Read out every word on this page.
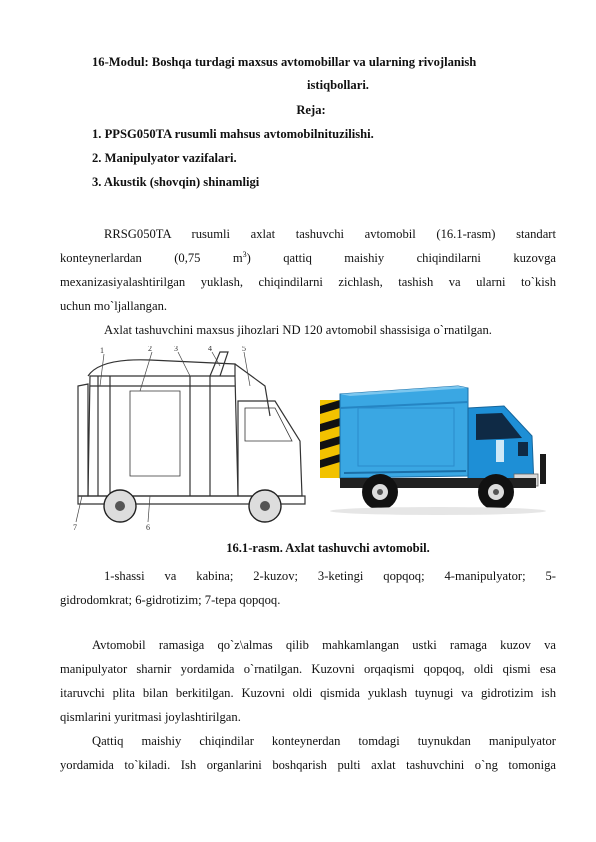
16-Modul: Boshqa turdagi maxsus avtomobillar va ularning rivojlanish
istiqbollari.
Reja:
1. PPSG050TA rusumli mahsus avtomobilnituzilishi.
2. Manipulyator vazifalari.
3. Akustik (shovqin) shinamligi
RRSG050TA rusumli axlat tashuvchi avtomobil (16.1-rasm) standart
konteynerlardan (0,75 $m^3$) qattiq maishiy chiqindilarni kuzovga
mexanizasiyalashtirilgan yuklash, chiqindilarni zichlash, tashish va ularni to`kish
uchun mo`ljallangan.
Axlat tashuvchini maxsus jihozlari ND 120 avtomobil shassisiga o`rnatilgan.
1	2	3	4	5
6
7
16.1-rasm. Axlat tashuvchi avtomobil.
1-shassi va kabina; 2-kuzov; 3-ketingi qopqoq; 4-manipulyator; 5-
gidrodomkrat; 6-gidrotizim; 7-tepa qopqoq.
Avtomobil ramasiga qo`z\almas qilib mahkamlangan ustki ramaga kuzov va
manipulyator sharnir yordamida o`rnatilgan. Kuzovni orqaqismi qopqoq, oldi qismi esa
itaruvchi plita bilan berkitilgan. Kuzovni oldi qismida yuklash tuynugi va gidrotizim ish
qismlarini yuritmasi joylashtirilgan.
Qattiq maishiy chiqindilar konteynerdan tomdagi tuynukdan manipulyator
yordamida to`kiladi. Ish organlarini boshqarish pulti axlat tashuvchini o`ng tomoniga
